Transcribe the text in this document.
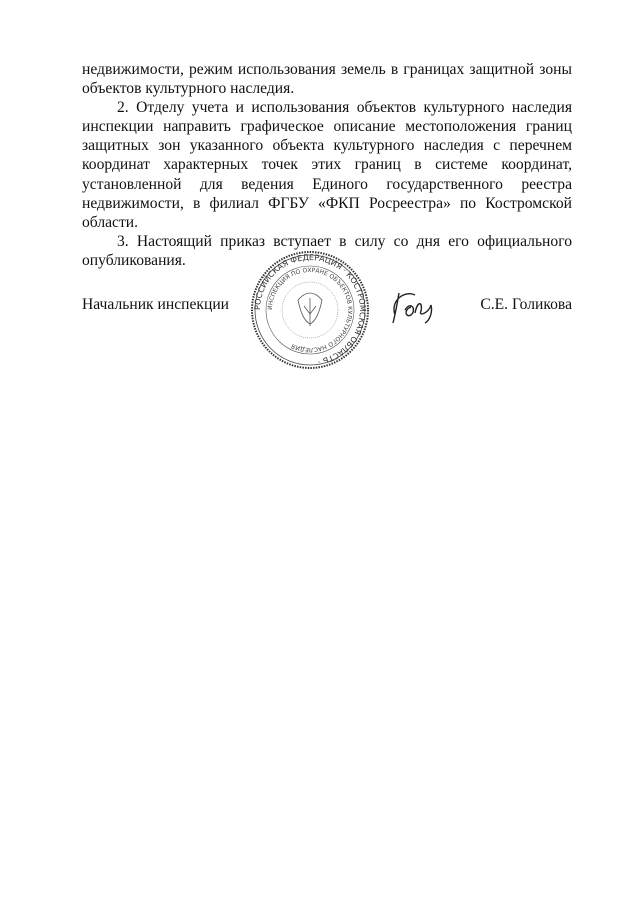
недвижимости, режим использования земель в границах защитной зоны
объектов культурного наследия.

2. Отделу учета и использования объектов культурного наследия
инспекции направить графическое описание местоположения границ
защитных зон указанного объекта культурного наследия с перечнем
координат характерных точек этих границ в системе координат,
установленной для ведения Единого государственного реестра
недвижимости, в филиал ФГБУ «ФКП Росреестра» по Костромской
области.

3. Настоящий приказ вступает в силу со дня его официального
опубликования.

РОССИЙСКАЯ ФЕДЕРАЦИЯ · КОСТРОМСКАЯ ОБЛАСТЬ ·
ИНСПЕКЦИЯ ПО ОХРАНЕ ОБЪЕКТОВ КУЛЬТУРНОГО НАСЛЕДИЯ
Начальник инспекции	С.Е. Голикова
